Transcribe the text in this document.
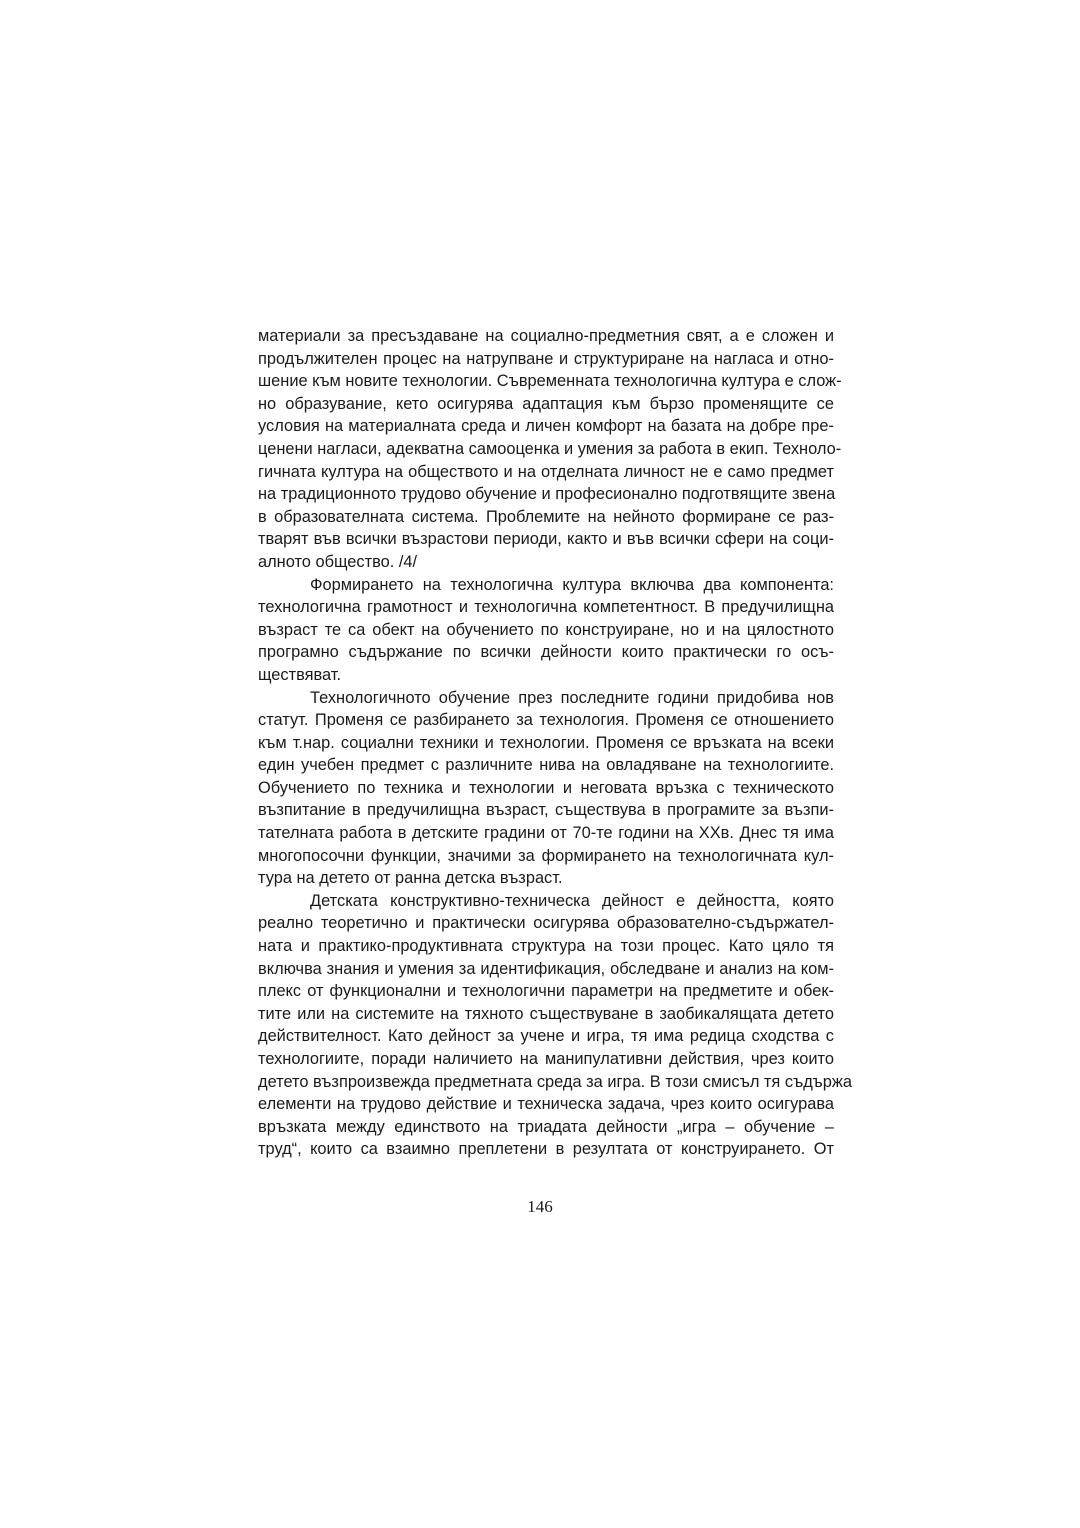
материали за пресъздаване на социално-предметния свят, а е сложен и
продължителен процес на натрупване и структуриране на нагласа и отно-
шение към новите технологии. Съвременната технологична култура е слож-
но образувание, кето осигурява адаптация към бързо променящите се
условия на материалната среда и личен комфорт на базата на добре пре-
ценени нагласи, адекватна самооценка и умения за работа в екип. Техноло-
гичната култура на обществото и на отделната личност не е само предмет
на традиционното трудово обучение и професионално подготвящите звена
в образователната система. Проблемите на нейното формиране се раз-
тварят във всички възрастови периоди, както и във всички сфери на соци-
алното общество. /4/

Формирането на технологична култура включва два компонента:
технологична грамотност и технологична компетентност. В предучилищна
възраст те са обект на обучението по конструиране, но и на цялостното
програмно съдържание по всички дейности които практически го осъ-
ществяват.

Технологичното обучение през последните години придобива нов
статут. Променя се разбирането за технология. Променя се отношението
към т.нар. социални техники и технологии. Променя се връзката на всеки
един учебен предмет с различните нива на овладяване на технологиите.
Обучението по техника и технологии и неговата връзка с техническото
възпитание в предучилищна възраст, съществува в програмите за възпи-
тателната работа в детските градини от 70-те години на ХХв. Днес тя има
многопосочни функции, значими за формирането на технологичната кул-
тура на детето от ранна детска възраст.

Детската конструктивно-техническа дейност е дейността, която
реално теоретично и практически осигурява образователно-съдържател-
ната и практико-продуктивната структура на този процес. Като цяло тя
включва знания и умения за идентификация, обследване и анализ на ком-
плекс от функционални и технологични параметри на предметите и обек-
тите или на системите на тяхното съществуване в заобикалящата детето
действителност. Като дейност за учене и игра, тя има редица сходства с
технологиите, поради наличието на манипулативни действия, чрез които
детето възпроизвежда предметната среда за игра. В този смисъл тя съдържа
елементи на трудово действие и техническа задача, чрез които осигурава
връзката между единството на триадата дейности „игра – обучение –
труд“, които са взаимно преплетени в резултата от конструирането. От

146
